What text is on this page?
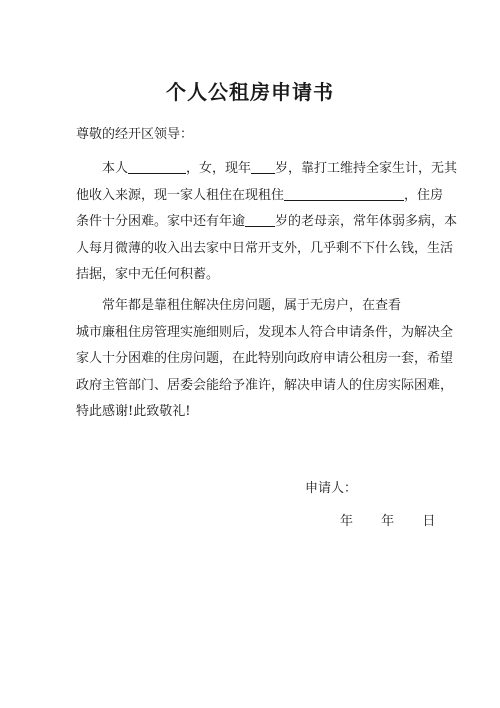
个人公租房申请书
尊敬的经开区领导：
本人	，女，现年 岁，靠打工维持全家生计，无其
他收入来源，现一家人租住在现租住	，住房
条件十分困难。家中还有年逾 岁的老母亲，常年体弱多病，本
人每月微薄的收入出去家中日常开支外，几乎剩不下什么钱，生活
拮据，家中无任何积蓄。
常年都是靠租住解决住房问题，属于无房户，在查看
城市廉租住房管理实施细则后，发现本人符合申请条件，为解决全
家人十分困难的住房问题，在此特别向政府申请公租房一套，希望
政府主管部门、居委会能给予准许，解决申请人的住房实际困难，
特此感谢!此致敬礼!
申请人：
年 年 日
